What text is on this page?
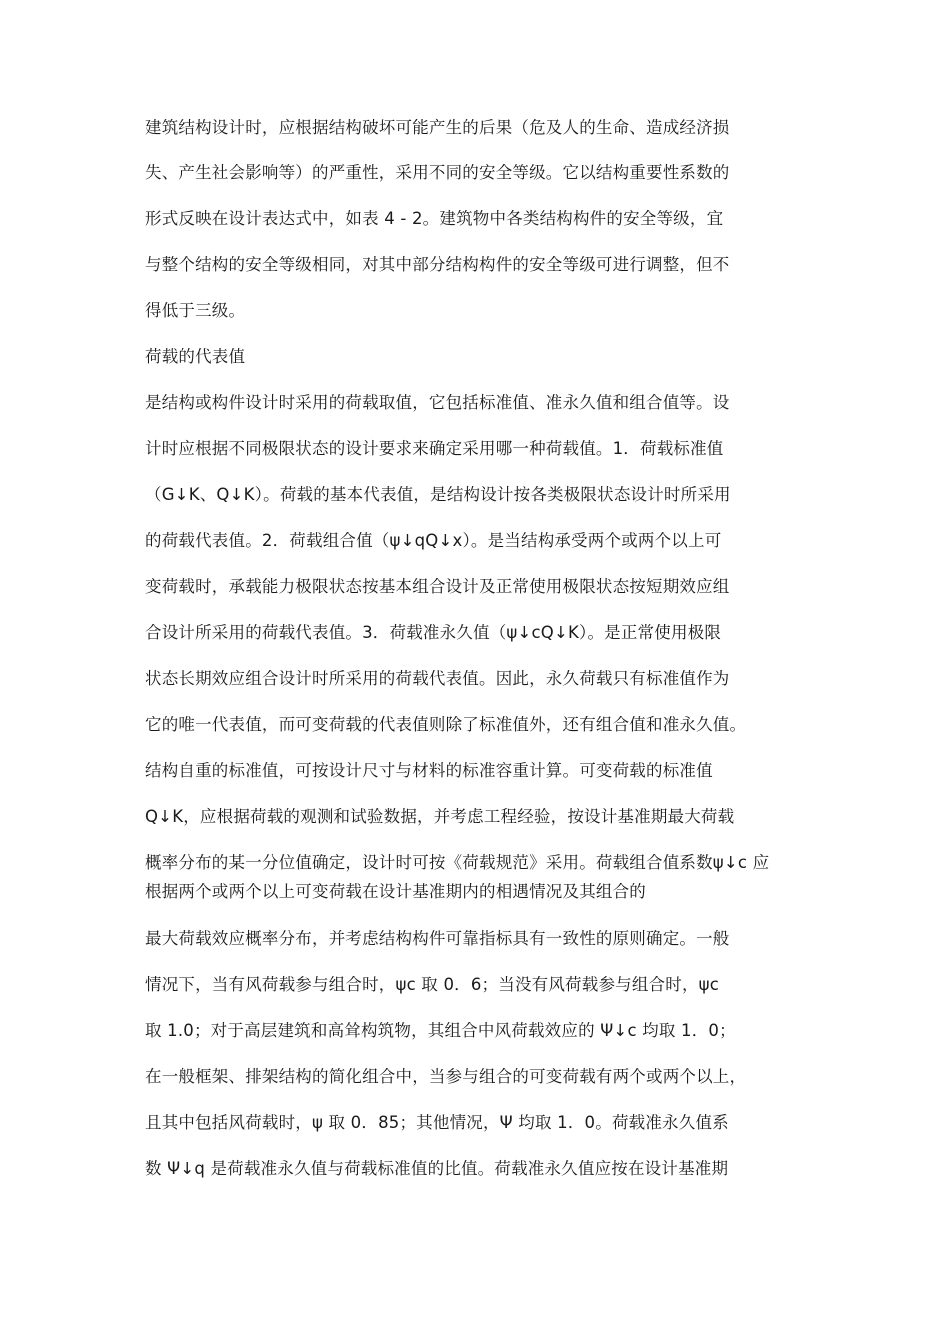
建筑结构设计时，应根据结构破坏可能产生的后果（危及人的生命、造成经济损
失、产生社会影响等）的严重性，采用不同的安全等级。它以结构重要性系数的
形式反映在设计表达式中，如表 4 - 2。建筑物中各类结构构件的安全等级，宜
与整个结构的安全等级相同，对其中部分结构构件的安全等级可进行调整，但不
得低于三级。
荷载的代表值
是结构或构件设计时采用的荷载取值，它包括标准值、准永久值和组合值等。设
计时应根据不同极限状态的设计要求来确定采用哪一种荷载值。1．荷载标准值
（G↓K、Q↓K）。荷载的基本代表值，是结构设计按各类极限状态设计时所采用
的荷载代表值。2．荷载组合值（ψ↓qQ↓x）。是当结构承受两个或两个以上可
变荷载时，承载能力极限状态按基本组合设计及正常使用极限状态按短期效应组
合设计所采用的荷载代表值。3．荷载准永久值（ψ↓cQ↓K）。是正常使用极限
状态长期效应组合设计时所采用的荷载代表值。因此，永久荷载只有标准值作为
它的唯一代表值，而可变荷载的代表值则除了标准值外，还有组合值和准永久值。
结构自重的标准值，可按设计尺寸与材料的标准容重计算。可变荷载的标准值
Q↓K，应根据荷载的观测和试验数据，并考虑工程经验，按设计基准期最大荷载
概率分布的某一分位值确定，设计时可按《荷载规范》采用。荷载组合值系数ψ↓c 应
根据两个或两个以上可变荷载在设计基准期内的相遇情况及其组合的
最大荷载效应概率分布，并考虑结构构件可靠指标具有一致性的原则确定。一般
情况下，当有风荷载参与组合时，ψc 取 0．6；当没有风荷载参与组合时，ψc
取 1.0；对于高层建筑和高耸构筑物，其组合中风荷载效应的 Ψ↓c 均取 1．0；
在一般框架、排架结构的简化组合中，当参与组合的可变荷载有两个或两个以上，
且其中包括风荷载时，ψ 取 0．85；其他情况，Ψ 均取 1．0。荷载准永久值系
数 Ψ↓q 是荷载准永久值与荷载标准值的比值。荷载准永久值应按在设计基准期
